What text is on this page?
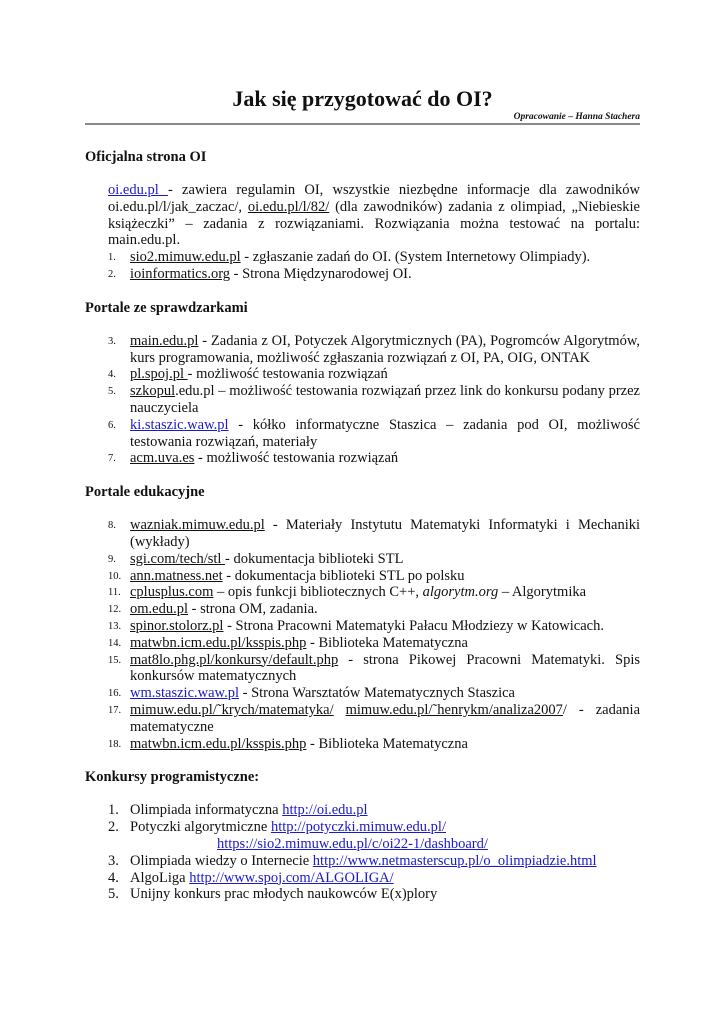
Jak się przygotować do OI?
Opracowanie – Hanna Stachera
Oficjalna strona OI
oi.edu.pl - zawiera regulamin OI, wszystkie niezbędne informacje dla zawodników oi.edu.pl/l/jak_zaczac/, oi.edu.pl/l/82/ (dla zawodników) zadania z olimpiad, „Niebieskie książeczki” – zadania z rozwiązaniami. Rozwiązania można testować na portalu: main.edu.pl.
1. sio2.mimuw.edu.pl - zgłaszanie zadań do OI. (System Internetowy Olimpiady).
2. ioinformatics.org - Strona Międzynarodowej OI.
Portale ze sprawdzarkami
3. main.edu.pl - Zadania z OI, Potyczek Algorytmicznych (PA), Pogromców Algorytmów, kurs programowania, możliwość zgłaszania rozwiązań z OI, PA, OIG, ONTAK
4. pl.spoj.pl - możliwość testowania rozwiązań
5. szkopul.edu.pl – możliwość testowania rozwiązań przez link do konkursu podany przez nauczyciela
6. ki.staszic.waw.pl - kółko informatyczne Staszica – zadania pod OI, możliwość testowania rozwiązań, materiały
7. acm.uva.es - możliwość testowania rozwiązań
Portale edukacyjne
8. wazniak.mimuw.edu.pl - Materiały Instytutu Matematyki Informatyki i Mechaniki (wykłady)
9. sgi.com/tech/stl - dokumentacja biblioteki STL
10. ann.matness.net - dokumentacja biblioteki STL po polsku
11. cplusplus.com – opis funkcji bibliotecznych C++, algorytm.org – Algorytmika
12. om.edu.pl - strona OM, zadania.
13. spinor.stolorz.pl - Strona Pracowni Matematyki Pałacu Młodziezy w Katowicach.
14. matwbn.icm.edu.pl/ksspis.php - Biblioteka Matematyczna
15. mat8lo.phg.pl/konkursy/default.php - strona Pikowej Pracowni Matematyki. Spis konkursów matematycznych
16. wm.staszic.waw.pl - Strona Warsztatów Matematycznych Staszica
17. mimuw.edu.pl/˜krych/matematyka/ mimuw.edu.pl/˜henrykm/analiza2007/ - zadania matematyczne
18. matwbn.icm.edu.pl/ksspis.php - Biblioteka Matematyczna
Konkursy programistyczne:
1. Olimpiada informatyczna http://oi.edu.pl
2. Potyczki algorytmiczne http://potyczki.mimuw.edu.pl/
https://sio2.mimuw.edu.pl/c/oi22-1/dashboard/
3. Olimpiada wiedzy o Internecie http://www.netmasterscup.pl/o_olimpiadzie.html
4. AlgoLiga http://www.spoj.com/ALGOLIGA/
5. Unijny konkurs prac młodych naukowców E(x)plory
